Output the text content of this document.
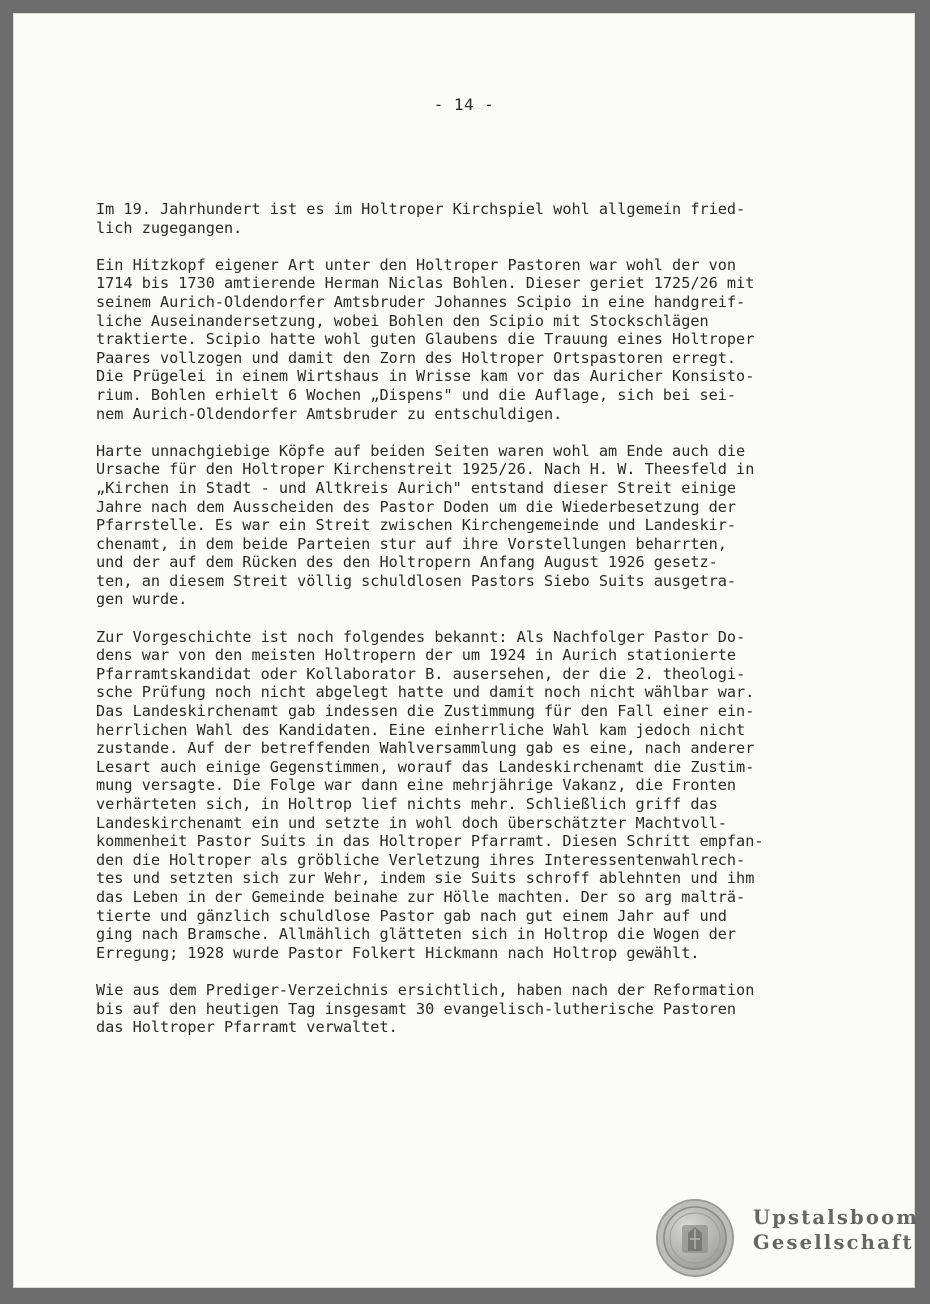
- 14 -
Im 19. Jahrhundert ist es im Holtroper Kirchspiel wohl allgemein fried-
lich zugegangen.
Ein Hitzkopf eigener Art unter den Holtroper Pastoren war wohl der von
1714 bis 1730 amtierende Herman Niclas Bohlen. Dieser geriet 1725/26 mit
seinem Aurich-Oldendorfer Amtsbruder Johannes Scipio in eine handgreif-
liche Auseinandersetzung, wobei Bohlen den Scipio mit Stockschlägen
traktierte. Scipio hatte wohl guten Glaubens die Trauung eines Holtroper
Paares vollzogen und damit den Zorn des Holtroper Ortspastoren erregt.
Die Prügelei in einem Wirtshaus in Wrisse kam vor das Auricher Konsisto-
rium. Bohlen erhielt 6 Wochen „Dispens" und die Auflage, sich bei sei-
nem Aurich-Oldendorfer Amtsbruder zu entschuldigen.
Harte unnachgiebige Köpfe auf beiden Seiten waren wohl am Ende auch die
Ursache für den Holtroper Kirchenstreit 1925/26. Nach H. W. Theesfeld in
„Kirchen in Stadt - und Altkreis Aurich" entstand dieser Streit einige
Jahre nach dem Ausscheiden des Pastor Doden um die Wiederbesetzung der
Pfarrstelle. Es war ein Streit zwischen Kirchengemeinde und Landeskir-
chenamt, in dem beide Parteien stur auf ihre Vorstellungen beharrten,
und der auf dem Rücken des den Holtropern Anfang August 1926 gesetz-
ten, an diesem Streit völlig schuldlosen Pastors Siebo Suits ausgetra-
gen wurde.
Zur Vorgeschichte ist noch folgendes bekannt: Als Nachfolger Pastor Do-
dens war von den meisten Holtropern der um 1924 in Aurich stationierte
Pfarramtskandidat oder Kollaborator B. ausersehen, der die 2. theologi-
sche Prüfung noch nicht abgelegt hatte und damit noch nicht wählbar war.
Das Landeskirchenamt gab indessen die Zustimmung für den Fall einer ein-
herrlichen Wahl des Kandidaten. Eine einherrliche Wahl kam jedoch nicht
zustande. Auf der betreffenden Wahlversammlung gab es eine, nach anderer
Lesart auch einige Gegenstimmen, worauf das Landeskirchenamt die Zustim-
mung versagte. Die Folge war dann eine mehrjährige Vakanz, die Fronten
verhärteten sich, in Holtrop lief nichts mehr. Schließlich griff das
Landeskirchenamt ein und setzte in wohl doch überschätzter Machtvoll-
kommenheit Pastor Suits in das Holtroper Pfarramt. Diesen Schritt empfan-
den die Holtroper als gröbliche Verletzung ihres Interessentenwahlrech-
tes und setzten sich zur Wehr, indem sie Suits schroff ablehnten und ihm
das Leben in der Gemeinde beinahe zur Hölle machten. Der so arg malträ-
tierte und gänzlich schuldlose Pastor gab nach gut einem Jahr auf und
ging nach Bramsche. Allmählich glätteten sich in Holtrop die Wogen der
Erregung; 1928 wurde Pastor Folkert Hickmann nach Holtrop gewählt.
Wie aus dem Prediger-Verzeichnis ersichtlich, haben nach der Reformation
bis auf den heutigen Tag insgesamt 30 evangelisch-lutherische Pastoren
das Holtroper Pfarramt verwaltet.
Upstalsboom
Gesellschaft
